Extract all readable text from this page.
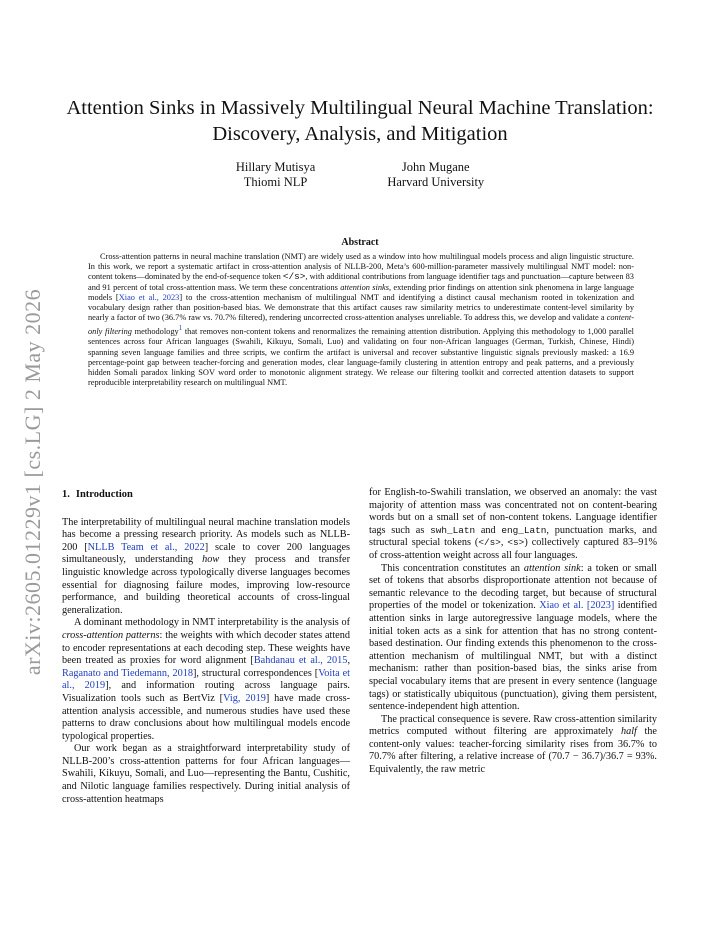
arXiv:2605.01229v1 [cs.LG] 2 May 2026
Attention Sinks in Massively Multilingual Neural Machine Translation:
Discovery, Analysis, and Mitigation
Hillary Mutisya
Thiomi NLP
John Mugane
Harvard University
Abstract
Cross-attention patterns in neural machine translation (NMT) are widely used as a window into how multilingual models process and align linguistic structure. In this work, we report a systematic artifact in cross-attention analysis of NLLB-200, Meta’s 600-million-parameter massively multilingual NMT model: non-content tokens—dominated by the end-of-sequence token </s>, with additional contributions from language identifier tags and punctuation—capture between 83 and 91 percent of total cross-attention mass. We term these concentrations attention sinks, extending prior findings on attention sink phenomena in large language models [Xiao et al., 2023] to the cross-attention mechanism of multilingual NMT and identifying a distinct causal mechanism rooted in tokenization and vocabulary design rather than position-based bias. We demonstrate that this artifact causes raw similarity metrics to underestimate content-level similarity by nearly a factor of two (36.7% raw vs. 70.7% filtered), rendering uncorrected cross-attention analyses unreliable. To address this, we develop and validate a content-only filtering methodology$^1$ that removes non-content tokens and renormalizes the remaining attention distribution. Applying this methodology to 1,000 parallel sentences across four African languages (Swahili, Kikuyu, Somali, Luo) and validating on four non-African languages (German, Turkish, Chinese, Hindi) spanning seven language families and three scripts, we confirm the artifact is universal and recover substantive linguistic signals previously masked: a 16.9 percentage-point gap between teacher-forcing and generation modes, clear language-family clustering in attention entropy and peak patterns, and a previously hidden Somali paradox linking SOV word order to monotonic alignment strategy. We release our filtering toolkit and corrected attention datasets to support reproducible interpretability research on multilingual NMT.
1. Introduction

The interpretability of multilingual neural machine translation models has become a pressing research priority. As models such as NLLB-200 [NLLB Team et al., 2022] scale to cover 200 languages simultaneously, understanding how they process and transfer linguistic knowledge across typologically diverse languages becomes essential for diagnosing failure modes, improving low-resource performance, and building theoretical accounts of cross-lingual generalization.

A dominant methodology in NMT interpretability is the analysis of cross-attention patterns: the weights with which decoder states attend to encoder representations at each decoding step. These weights have been treated as proxies for word alignment [Bahdanau et al., 2015, Raganato and Tiedemann, 2018], structural correspondences [Voita et al., 2019], and information routing across language pairs. Visualization tools such as BertViz [Vig, 2019] have made cross-attention analysis accessible, and numerous studies have used these patterns to draw conclusions about how multilingual models encode typological properties.

Our work began as a straightforward interpretability study of NLLB-200’s cross-attention patterns for four African languages—Swahili, Kikuyu, Somali, and Luo—representing the Bantu, Cushitic, and Nilotic language families respectively. During initial analysis of cross-attention heatmaps

for English-to-Swahili translation, we observed an anomaly: the vast majority of attention mass was concentrated not on content-bearing words but on a small set of non-content tokens. Language identifier tags such as swh_Latn and eng_Latn, punctuation marks, and structural special tokens (</s>, <s>) collectively captured 83–91% of cross-attention weight across all four languages.

This concentration constitutes an attention sink: a token or small set of tokens that absorbs disproportionate attention not because of semantic relevance to the decoding target, but because of structural properties of the model or tokenization. Xiao et al. [2023] identified attention sinks in large autoregressive language models, where the initial token acts as a sink for attention that has no strong content-based destination. Our finding extends this phenomenon to the cross-attention mechanism of multilingual NMT, but with a distinct mechanism: rather than position-based bias, the sinks arise from special vocabulary items that are present in every sentence (language tags) or statistically ubiquitous (punctuation), giving them persistent, sentence-independent high attention.

The practical consequence is severe. Raw cross-attention similarity metrics computed without filtering are approximately half the content-only values: teacher-forcing similarity rises from 36.7% to 70.7% after filtering, a relative increase of (70.7 − 36.7)/36.7 = 93%. Equivalently, the raw metric
